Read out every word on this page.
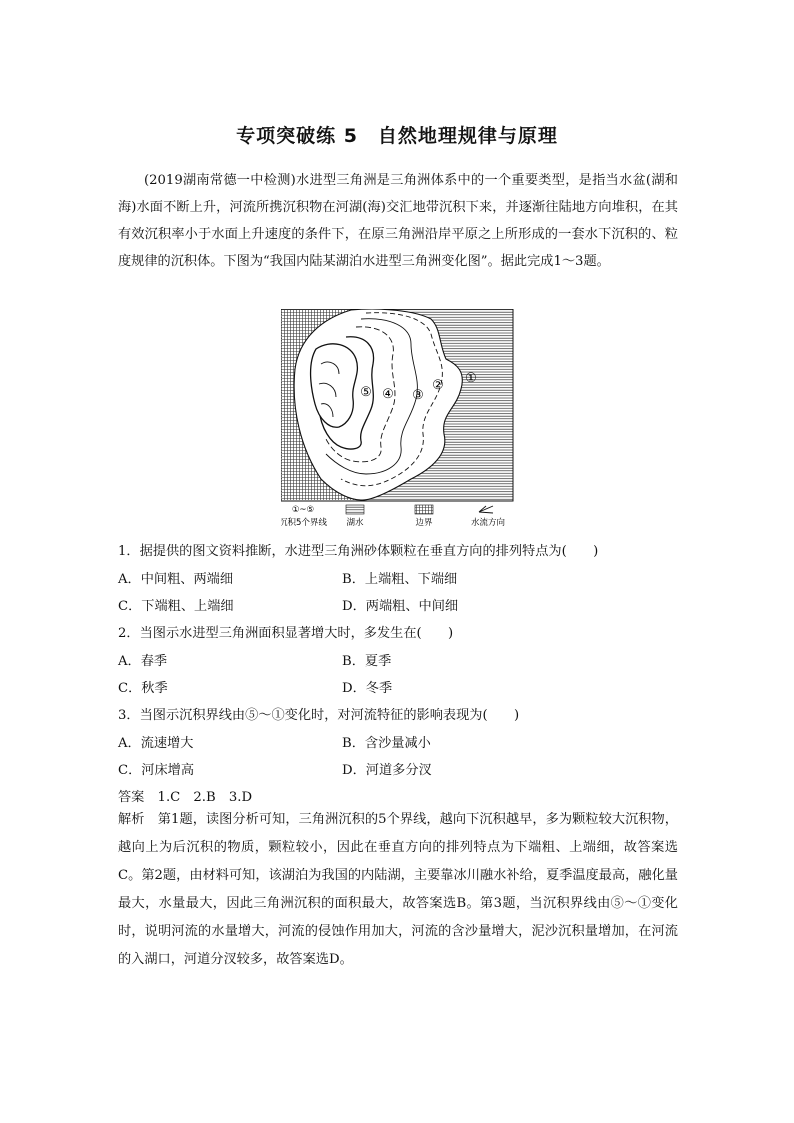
专项突破练 5　自然地理规律与原理
(2019湖南常德一中检测)水进型三角洲是三角洲体系中的一个重要类型，是指当水盆(湖和海)水面不断上升，河流所携沉积物在河湖(海)交汇地带沉积下来，并逐渐往陆地方向堆积，在其有效沉积率小于水面上升速度的条件下，在原三角洲沿岸平原之上所形成的一套水下沉积的、粒度规律的沉积体。下图为“我国内陆某湖泊水进型三角洲变化图”。据此完成1～3题。
①
②
③
④
⑤
①~⑤
沉积5个界线 湖水	边界	水流方向
1．据提供的图文资料推断，水进型三角洲砂体颗粒在垂直方向的排列特点为(　　)
A．中间粗、两端细	B．上端粗、下端细
C．下端粗、上端细	D．两端粗、中间细
2．当图示水进型三角洲面积显著增大时，多发生在(　　)
A．春季	B．夏季
C．秋季	D．冬季
3．当图示沉积界线由⑤～①变化时，对河流特征的影响表现为(　　)
A．流速增大	B．含沙量减小
C．河床增高	D．河道多分汊
答案　1.C　2.B　3.D
解析　第1题，读图分析可知，三角洲沉积的5个界线，越向下沉积越早，多为颗粒较大沉积物，越向上为后沉积的物质，颗粒较小，因此在垂直方向的排列特点为下端粗、上端细，故答案选C。第2题，由材料可知，该湖泊为我国的内陆湖，主要靠冰川融水补给，夏季温度最高，融化量最大，水量最大，因此三角洲沉积的面积最大，故答案选B。第3题，当沉积界线由⑤～①变化时，说明河流的水量增大，河流的侵蚀作用加大，河流的含沙量增大，泥沙沉积量增加，在河流的入湖口，河道分汊较多，故答案选D。
